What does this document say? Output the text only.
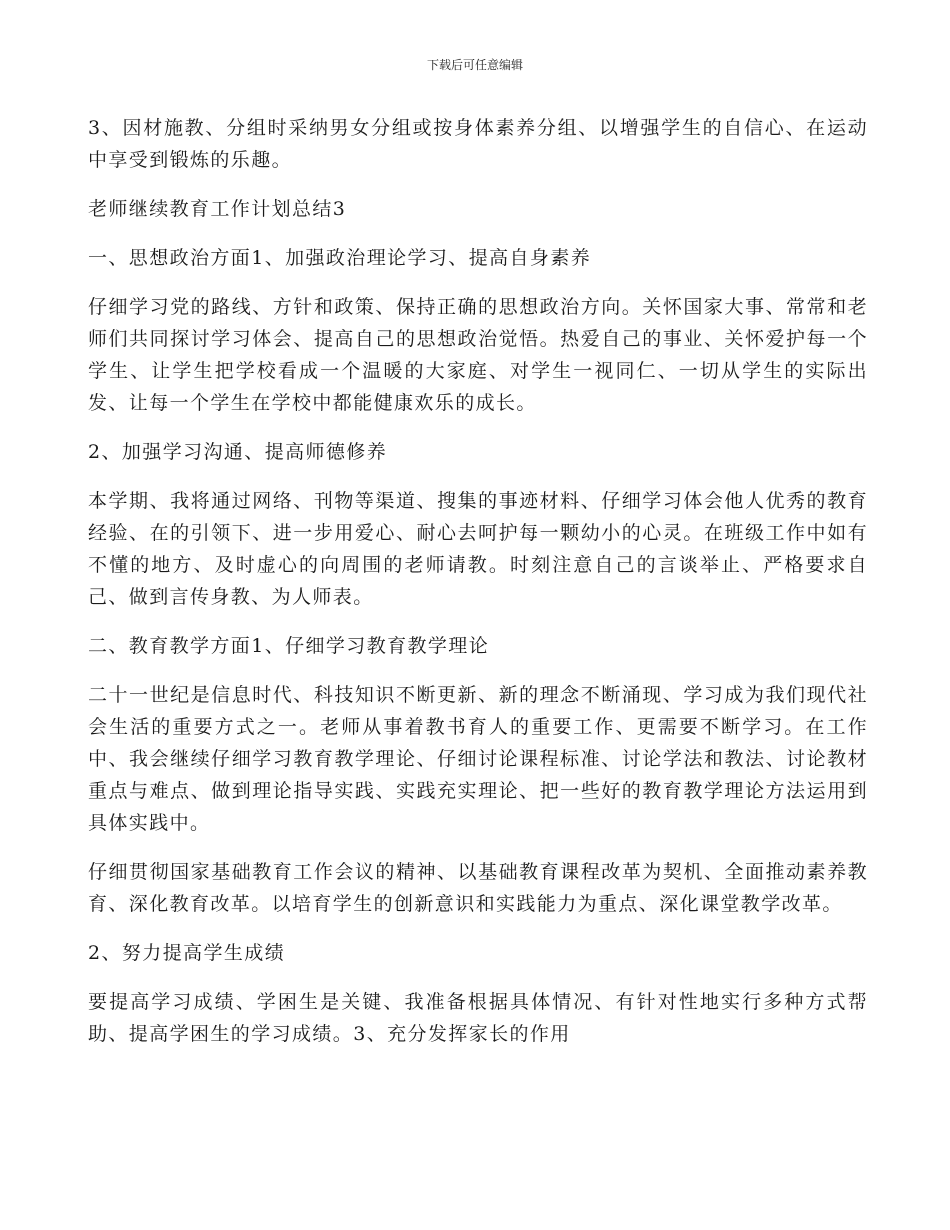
下载后可任意编辑

3、因材施教、分组时采纳男女分组或按身体素养分组、以增强学生的自信心、在运动中享受到锻炼的乐趣。

老师继续教育工作计划总结3

一、思想政治方面1、加强政治理论学习、提高自身素养

仔细学习党的路线、方针和政策、保持正确的思想政治方向。关怀国家大事、常常和老师们共同探讨学习体会、提高自己的思想政治觉悟。热爱自己的事业、关怀爱护每一个学生、让学生把学校看成一个温暖的大家庭、对学生一视同仁、一切从学生的实际出发、让每一个学生在学校中都能健康欢乐的成长。

2、加强学习沟通、提高师德修养

本学期、我将通过网络、刊物等渠道、搜集的事迹材料、仔细学习体会他人优秀的教育经验、在的引领下、进一步用爱心、耐心去呵护每一颗幼小的心灵。在班级工作中如有不懂的地方、及时虚心的向周围的老师请教。时刻注意自己的言谈举止、严格要求自己、做到言传身教、为人师表。

二、教育教学方面1、仔细学习教育教学理论

二十一世纪是信息时代、科技知识不断更新、新的理念不断涌现、学习成为我们现代社会生活的重要方式之一。老师从事着教书育人的重要工作、更需要不断学习。在工作中、我会继续仔细学习教育教学理论、仔细讨论课程标准、讨论学法和教法、讨论教材重点与难点、做到理论指导实践、实践充实理论、把一些好的教育教学理论方法运用到具体实践中。

仔细贯彻国家基础教育工作会议的精神、以基础教育课程改革为契机、全面推动素养教育、深化教育改革。以培育学生的创新意识和实践能力为重点、深化课堂教学改革。

2、努力提高学生成绩

要提高学习成绩、学困生是关键、我准备根据具体情况、有针对性地实行多种方式帮助、提高学困生的学习成绩。3、充分发挥家长的作用
